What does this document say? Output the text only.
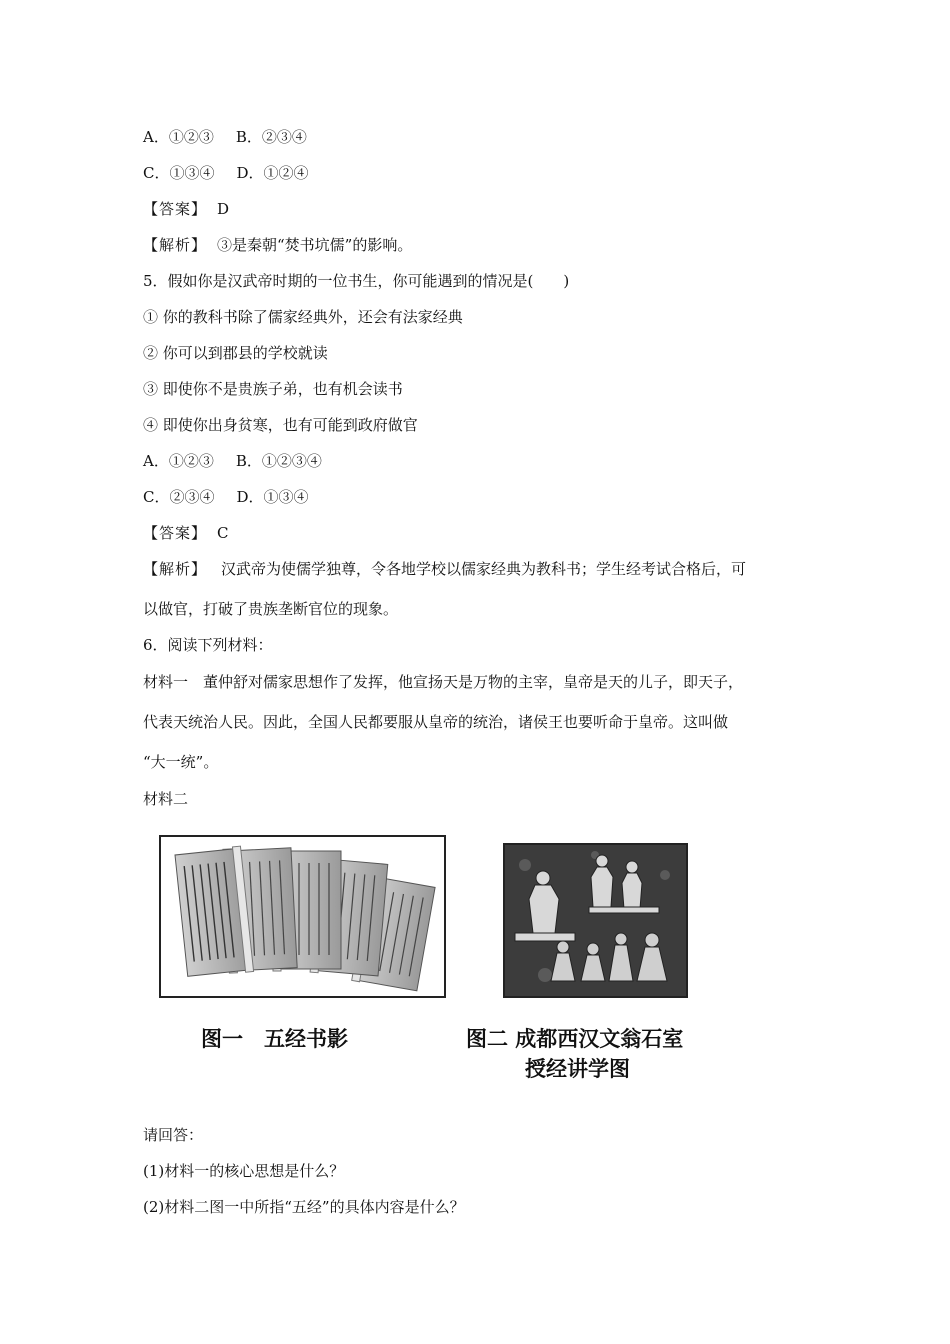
A．①②③ B．②③④
C．①③④ D．①②④
【答案】 D
【解析】 ③是秦朝“焚书坑儒”的影响。
5．假如你是汉武帝时期的一位书生，你可能遇到的情况是(　　)
① 你的教科书除了儒家经典外，还会有法家经典
② 你可以到郡县的学校就读
③ 即使你不是贵族子弟，也有机会读书
④ 即使你出身贫寒，也有可能到政府做官
A．①②③ B．①②③④
C．②③④ D．①③④
【答案】 C
【解析】 汉武帝为使儒学独尊，令各地学校以儒家经典为教科书；学生经考试合格后，可
以做官，打破了贵族垄断官位的现象。
6．阅读下列材料：
材料一　董仲舒对儒家思想作了发挥，他宣扬天是万物的主宰，皇帝是天的儿子，即天子，
代表天统治人民。因此，全国人民都要服从皇帝的统治，诸侯王也要听命于皇帝。这叫做
“大一统”。
材料二
图一　五经书影	图二 成都西汉文翁石室
授经讲学图
请回答：
(1)材料一的核心思想是什么？
(2)材料二图一中所指“五经”的具体内容是什么？
